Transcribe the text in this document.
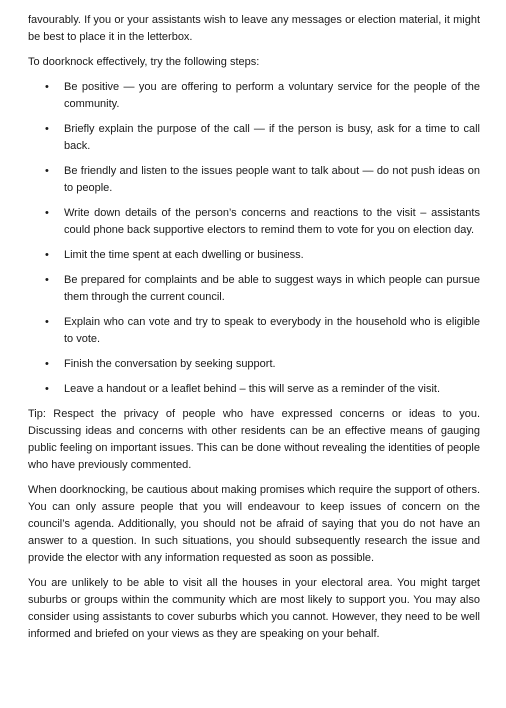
favourably. If you or your assistants wish to leave any messages or election material, it might be best to place it in the letterbox.

To doorknock effectively, try the following steps:

• Be positive — you are offering to perform a voluntary service for the people of the community.
• Briefly explain the purpose of the call — if the person is busy, ask for a time to call back.
• Be friendly and listen to the issues people want to talk about — do not push ideas on to people.
• Write down details of the person’s concerns and reactions to the visit – assistants could phone back supportive electors to remind them to vote for you on election day.
• Limit the time spent at each dwelling or business.
• Be prepared for complaints and be able to suggest ways in which people can pursue them through the current council.
• Explain who can vote and try to speak to everybody in the household who is eligible to vote.
• Finish the conversation by seeking support.
• Leave a handout or a leaflet behind – this will serve as a reminder of the visit.

Tip: Respect the privacy of people who have expressed concerns or ideas to you. Discussing ideas and concerns with other residents can be an effective means of gauging public feeling on important issues. This can be done without revealing the identities of people who have previously commented.

When doorknocking, be cautious about making promises which require the support of others. You can only assure people that you will endeavour to keep issues of concern on the council’s agenda. Additionally, you should not be afraid of saying that you do not have an answer to a question. In such situations, you should subsequently research the issue and provide the elector with any information requested as soon as possible.

You are unlikely to be able to visit all the houses in your electoral area. You might target suburbs or groups within the community which are most likely to support you. You may also consider using assistants to cover suburbs which you cannot. However, they need to be well informed and briefed on your views as they are speaking on your behalf.
